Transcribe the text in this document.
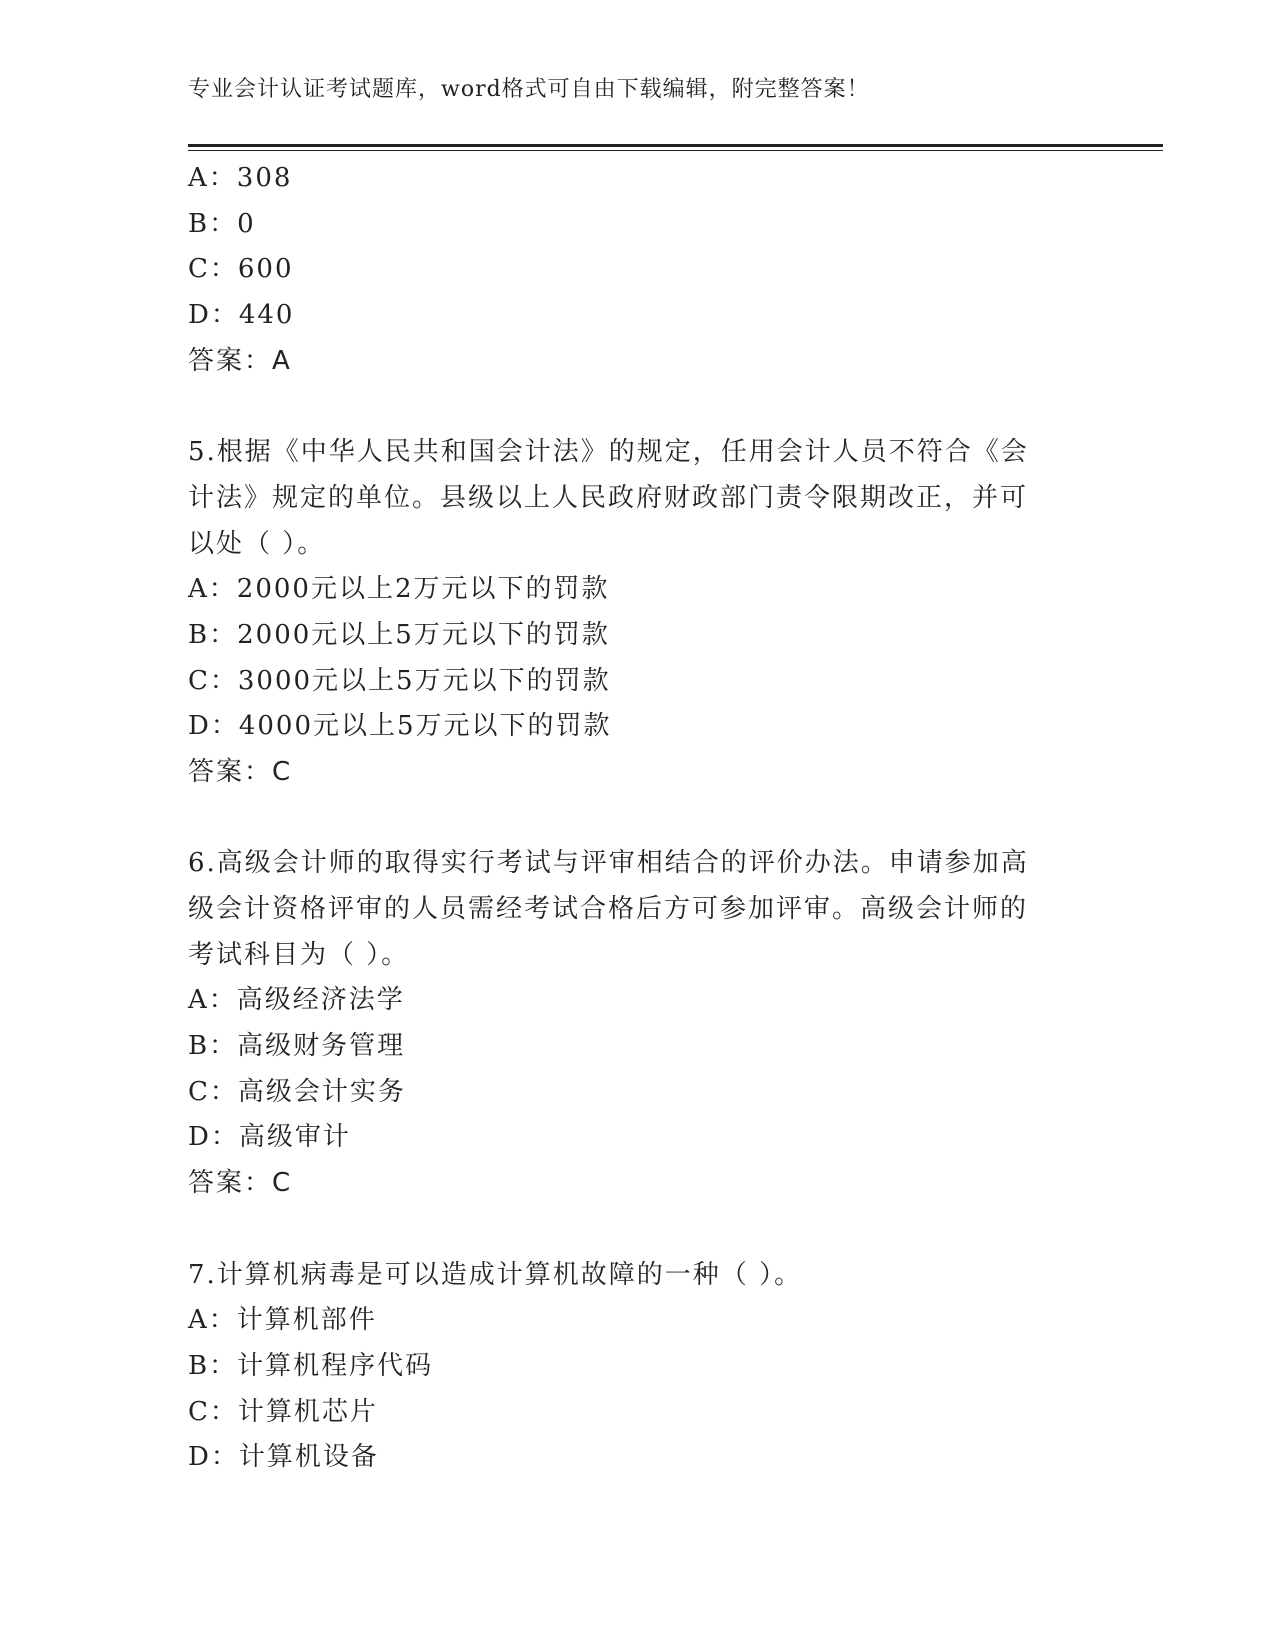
专业会计认证考试题库，word格式可自由下载编辑，附完整答案！
A：308
B：0
C：600
D：440
答案：A
5.根据《中华人民共和国会计法》的规定，任用会计人员不符合《会
计法》规定的单位。县级以上人民政府财政部门责令限期改正，并可
以处（ ）。
A：2000元以上2万元以下的罚款
B：2000元以上5万元以下的罚款
C：3000元以上5万元以下的罚款
D：4000元以上5万元以下的罚款
答案：C
6.高级会计师的取得实行考试与评审相结合的评价办法。申请参加高
级会计资格评审的人员需经考试合格后方可参加评审。高级会计师的
考试科目为（ ）。
A：高级经济法学
B：高级财务管理
C：高级会计实务
D：高级审计
答案：C
7.计算机病毒是可以造成计算机故障的一种（ ）。
A：计算机部件
B：计算机程序代码
C：计算机芯片
D：计算机设备
